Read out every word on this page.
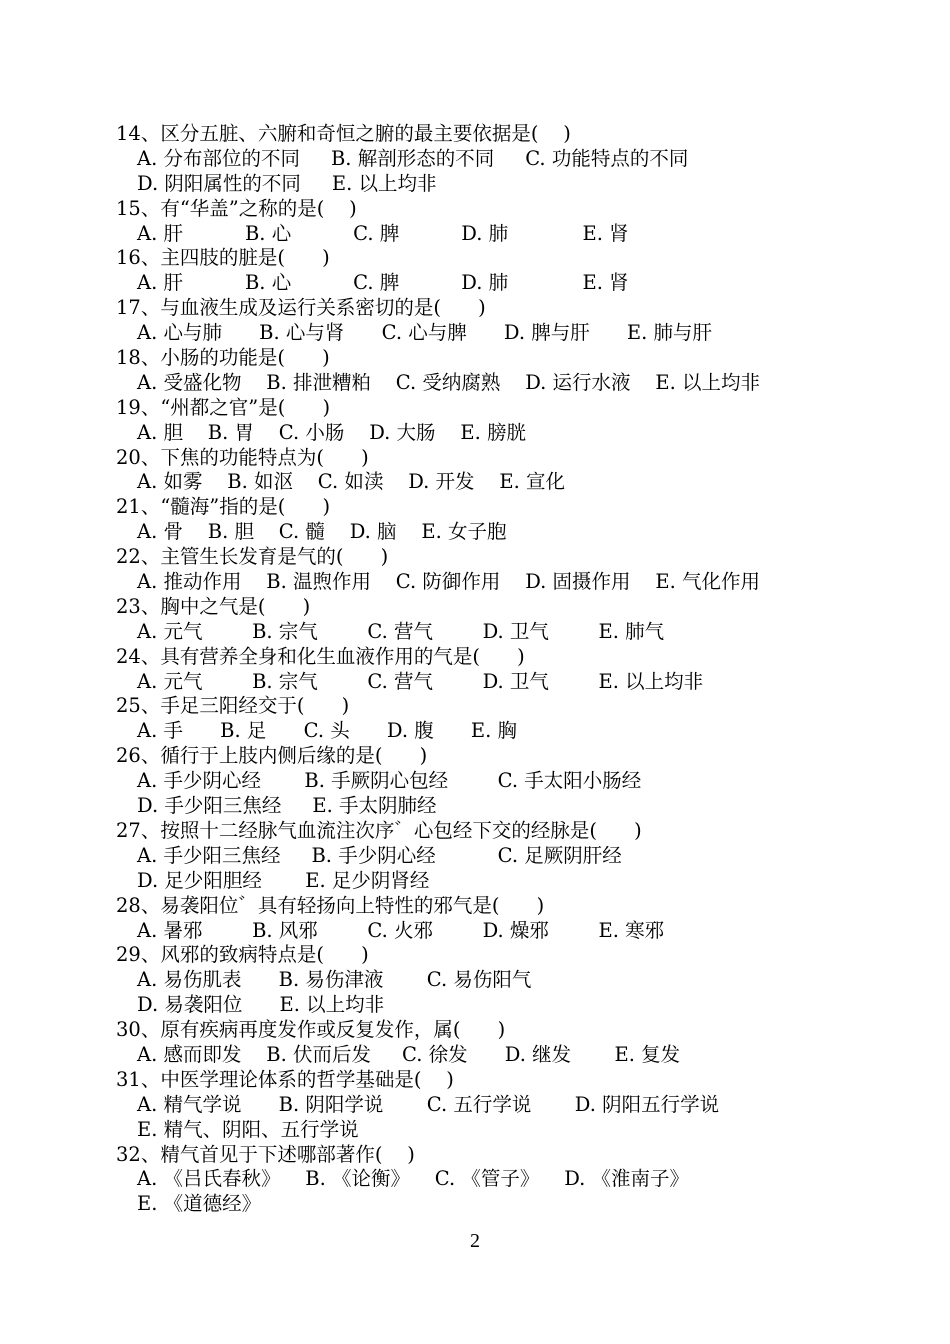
14、区分五脏、六腑和奇恒之腑的最主要依据是(    )
A. 分布部位的不同     B. 解剖形态的不同     C. 功能特点的不同
D. 阴阳属性的不同     E. 以上均非
15、有“华盖”之称的是(    )
A. 肝          B. 心          C. 脾          D. 肺            E. 肾
16、主四肢的脏是(      )
A. 肝          B. 心          C. 脾          D. 肺            E. 肾
17、与血液生成及运行关系密切的是(      )
A. 心与肺      B. 心与肾      C. 心与脾      D. 脾与肝      E. 肺与肝
18、小肠的功能是(      )
A. 受盛化物    B. 排泄糟粕    C. 受纳腐熟    D. 运行水液    E. 以上均非
19、“州都之官”是(      )
A. 胆    B. 胃    C. 小肠    D. 大肠    E. 膀胱
20、下焦的功能特点为(      )
A. 如雾    B. 如沤    C. 如渎    D. 开发    E. 宣化
21、“髓海”指的是(      )
A. 骨    B. 胆    C. 髓    D. 脑    E. 女子胞
22、主管生长发育是气的(      )
A. 推动作用    B. 温煦作用    C. 防御作用    D. 固摄作用    E. 气化作用
23、胸中之气是(      )
A. 元气        B. 宗气        C. 营气        D. 卫气        E. 肺气
24、具有营养全身和化生血液作用的气是(      )
A. 元气        B. 宗气        C. 营气        D. 卫气        E. 以上均非
25、手足三阳经交于(      )
A. 手      B. 足      C. 头      D. 腹      E. 胸
26、循行于上肢内侧后缘的是(      )
A. 手少阴心经       B. 手厥阴心包经        C. 手太阳小肠经
D. 手少阳三焦经     E. 手太阴肺经
27、按照十二经脉气血流注次序゛心包经下交的经脉是(      )
A. 手少阳三焦经     B. 手少阴心经          C. 足厥阴肝经
D. 足少阳胆经       E. 足少阴肾经
28、易袭阳位゛具有轻扬向上特性的邪气是(      )
A. 暑邪        B. 风邪        C. 火邪        D. 燥邪        E. 寒邪
29、风邪的致病特点是(      )
A. 易伤肌表      B. 易伤津液       C. 易伤阳气
D. 易袭阳位      E. 以上均非
30、原有疾病再度发作或反复发作，属(      )
A. 感而即发    B. 伏而后发     C. 徐发      D. 继发       E. 复发
31、中医学理论体系的哲学基础是(    )
A. 精气学说      B. 阴阳学说       C. 五行学说       D. 阴阳五行学说
E. 精气、阴阳、五行学说
32、精气首见于下述哪部著作(    )
A. 《吕氏春秋》    B. 《论衡》    C. 《管子》    D. 《淮南子》
E. 《道德经》
2
